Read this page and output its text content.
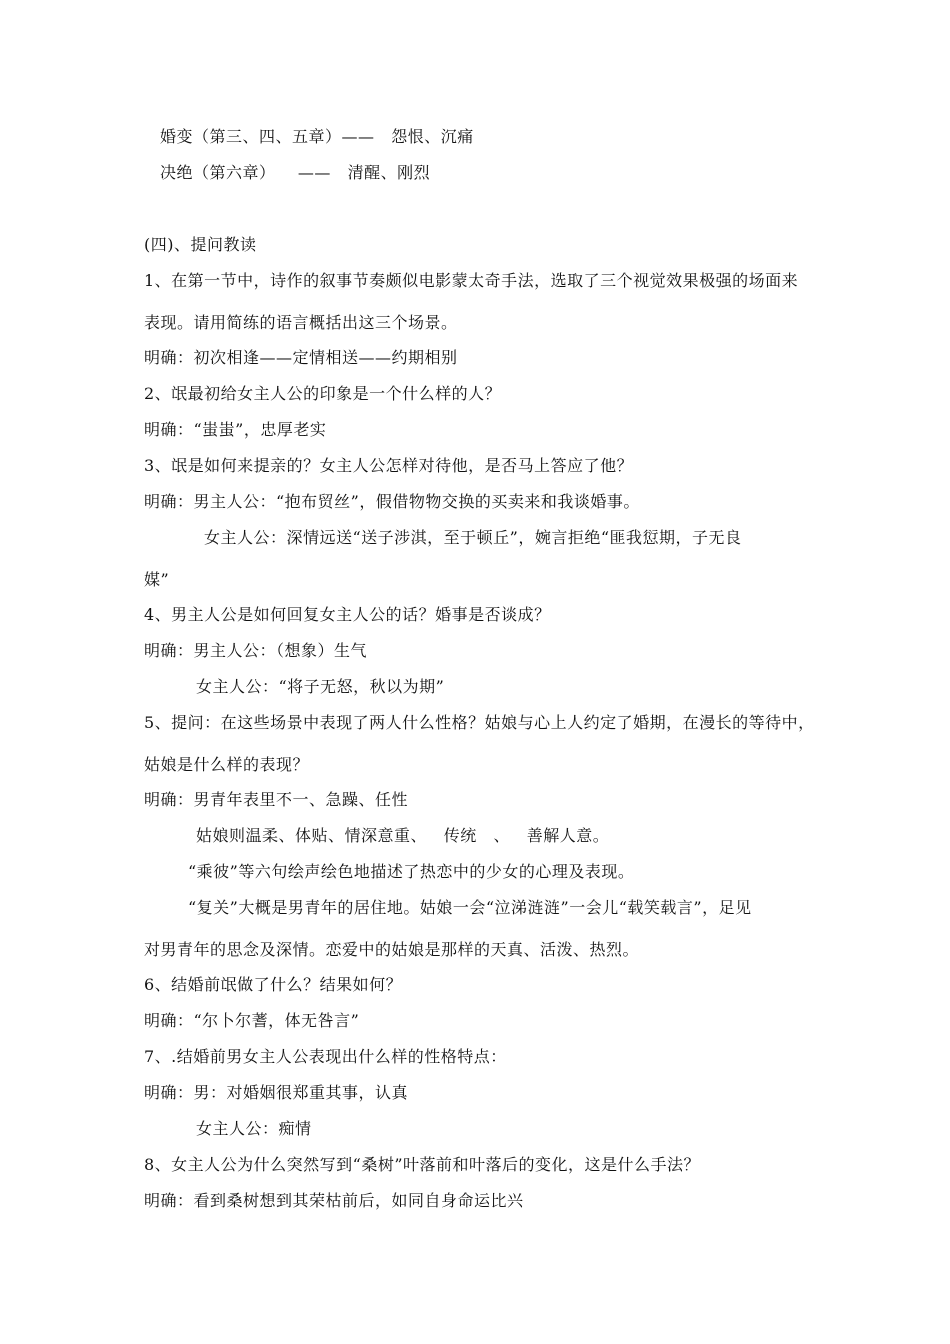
婚变（第三、四、五章）——   怨恨、沉痛
决绝（第六章）    ——   清醒、刚烈
(四)、提问教读
1、在第一节中，诗作的叙事节奏颇似电影蒙太奇手法，选取了三个视觉效果极强的场面来
表现。请用简练的语言概括出这三个场景。
明确：初次相逢——定情相送——约期相别
2、氓最初给女主人公的印象是一个什么样的人？
明确：“蚩蚩”，忠厚老实
3、氓是如何来提亲的？女主人公怎样对待他，是否马上答应了他？
明确：男主人公：“抱布贸丝”，假借物物交换的买卖来和我谈婚事。
女主人公：深情远送“送子涉淇，至于顿丘”，婉言拒绝“匪我愆期，子无良
媒”
4、男主人公是如何回复女主人公的话？婚事是否谈成？
明确：男主人公：（想象）生气
女主人公：“将子无怒，秋以为期”
5、提问：在这些场景中表现了两人什么性格？姑娘与心上人约定了婚期，在漫长的等待中，
姑娘是什么样的表现？
明确：男青年表里不一、急躁、任性
姑娘则温柔、体贴、情深意重、   传统   、   善解人意。
“乘彼”等六句绘声绘色地描述了热恋中的少女的心理及表现。
“复关”大概是男青年的居住地。姑娘一会“泣涕涟涟”一会儿“载笑载言”，足见
对男青年的思念及深情。恋爱中的姑娘是那样的天真、活泼、热烈。
6、结婚前氓做了什么？结果如何？
明确：“尔卜尔蓍，体无咎言”
7、.结婚前男女主人公表现出什么样的性格特点：
明确：男：对婚姻很郑重其事，认真
女主人公：痴情
8、女主人公为什么突然写到“桑树”叶落前和叶落后的变化，这是什么手法？
明确：看到桑树想到其荣枯前后，如同自身命运比兴
